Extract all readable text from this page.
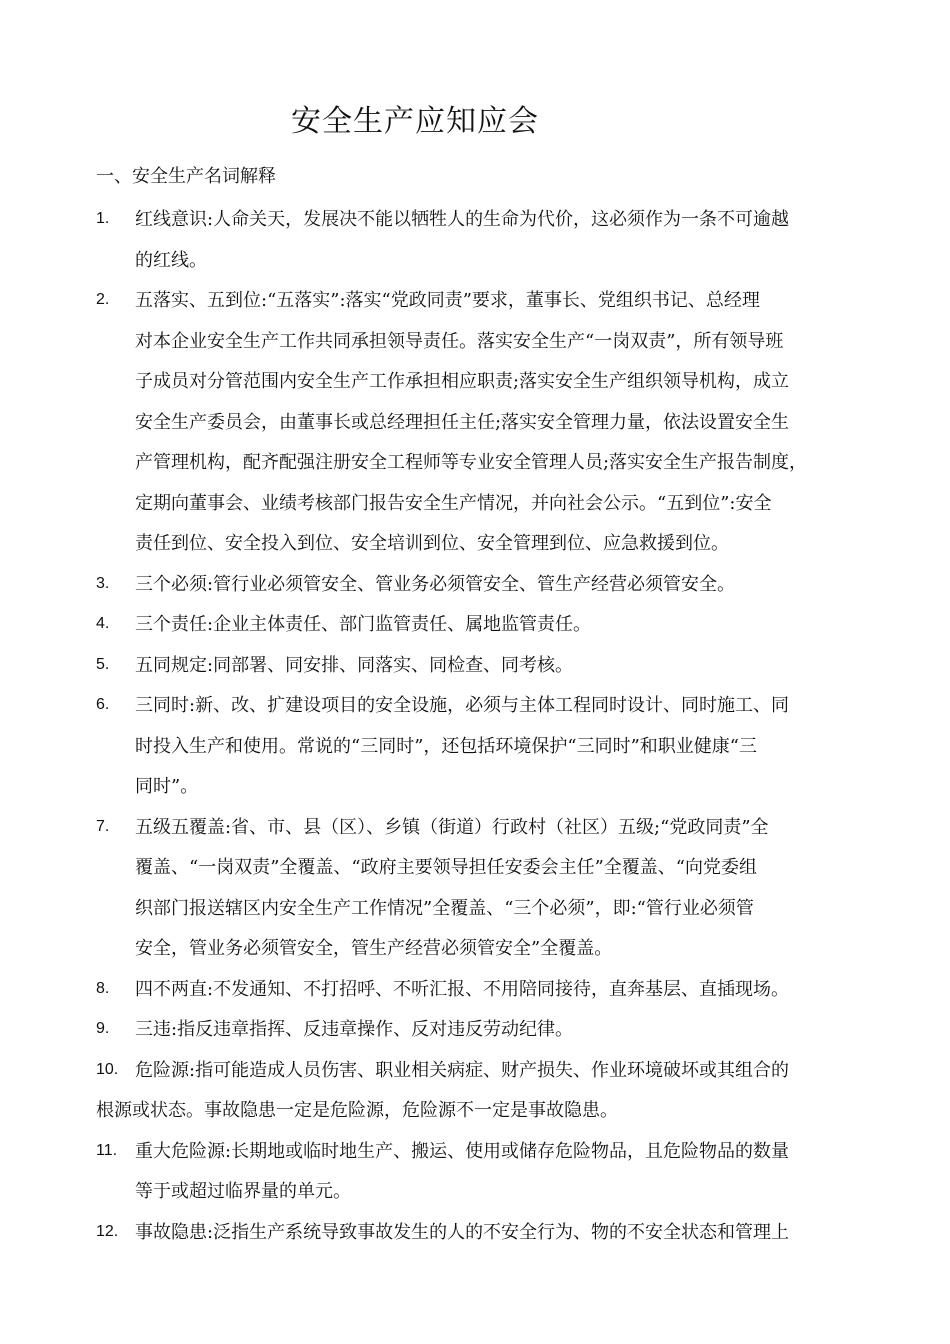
安全生产应知应会
一、安全生产名词解释
1. 红线意识:人命关天，发展决不能以牺牲人的生命为代价，这必须作为一条不可逾越
的红线。
2. 五落实、五到位:“五落实”:落实“党政同责”要求，董事长、党组织书记、总经理
对本企业安全生产工作共同承担领导责任。落实安全生产“一岗双责”，所有领导班
子成员对分管范围内安全生产工作承担相应职责;落实安全生产组织领导机构，成立
安全生产委员会，由董事长或总经理担任主任;落实安全管理力量，依法设置安全生
产管理机构，配齐配强注册安全工程师等专业安全管理人员;落实安全生产报告制度，
定期向董事会、业绩考核部门报告安全生产情况，并向社会公示。“五到位”:安全
责任到位、安全投入到位、安全培训到位、安全管理到位、应急救援到位。
3. 三个必须:管行业必须管安全、管业务必须管安全、管生产经营必须管安全。
4. 三个责任:企业主体责任、部门监管责任、属地监管责任。
5. 五同规定:同部署、同安排、同落实、同检查、同考核。
6. 三同时:新、改、扩建设项目的安全设施，必须与主体工程同时设计、同时施工、同
时投入生产和使用。常说的“三同时”，还包括环境保护“三同时”和职业健康“三
同时”。
7. 五级五覆盖:省、市、县（区）、乡镇（街道）行政村（社区）五级;“党政同责”全
覆盖、“一岗双责”全覆盖、“政府主要领导担任安委会主任”全覆盖、“向党委组
织部门报送辖区内安全生产工作情况”全覆盖、“三个必须”，即:“管行业必须管
安全，管业务必须管安全，管生产经营必须管安全”全覆盖。
8. 四不两直:不发通知、不打招呼、不听汇报、不用陪同接待，直奔基层、直插现场。
9. 三违:指反违章指挥、反违章操作、反对违反劳动纪律。
10. 危险源:指可能造成人员伤害、职业相关病症、财产损失、作业环境破坏或其组合的
根源或状态。事故隐患一定是危险源，危险源不一定是事故隐患。
11. 重大危险源:长期地或临时地生产、搬运、使用或储存危险物品，且危险物品的数量
等于或超过临界量的单元。
12. 事故隐患:泛指生产系统导致事故发生的人的不安全行为、物的不安全状态和管理上
